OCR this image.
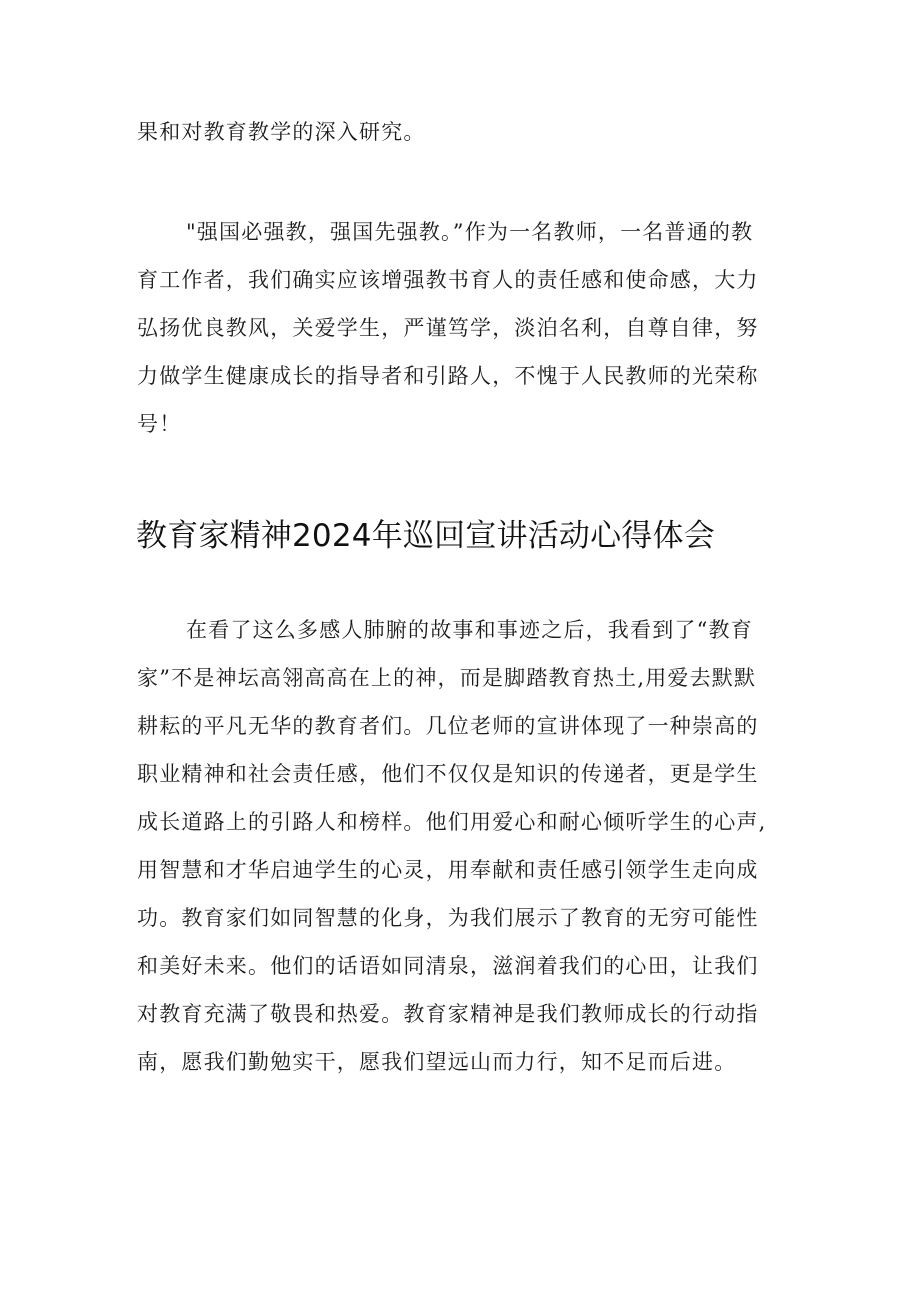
果和对教育教学的深入研究。
"强国必强教，强国先强教。”作为一名教师，一名普通的教
育工作者，我们确实应该增强教书育人的责任感和使命感，大力
弘扬优良教风，关爱学生，严谨笃学，淡泊名利，自尊自律，努
力做学生健康成长的指导者和引路人，不愧于人民教师的光荣称
号！
教育家精神2024年巡回宣讲活动心得体会
在看了这么多感人肺腑的故事和事迹之后，我看到了“教育
家”不是神坛高翎高高在上的神，而是脚踏教育热土,用爱去默默
耕耘的平凡无华的教育者们。几位老师的宣讲体现了一种崇高的
职业精神和社会责任感，他们不仅仅是知识的传递者，更是学生
成长道路上的引路人和榜样。他们用爱心和耐心倾听学生的心声,
用智慧和才华启迪学生的心灵，用奉献和责任感引领学生走向成
功。教育家们如同智慧的化身，为我们展示了教育的无穷可能性
和美好未来。他们的话语如同清泉，滋润着我们的心田，让我们
对教育充满了敬畏和热爱。教育家精神是我们教师成长的行动指
南，愿我们勤勉实干，愿我们望远山而力行，知不足而后进。
